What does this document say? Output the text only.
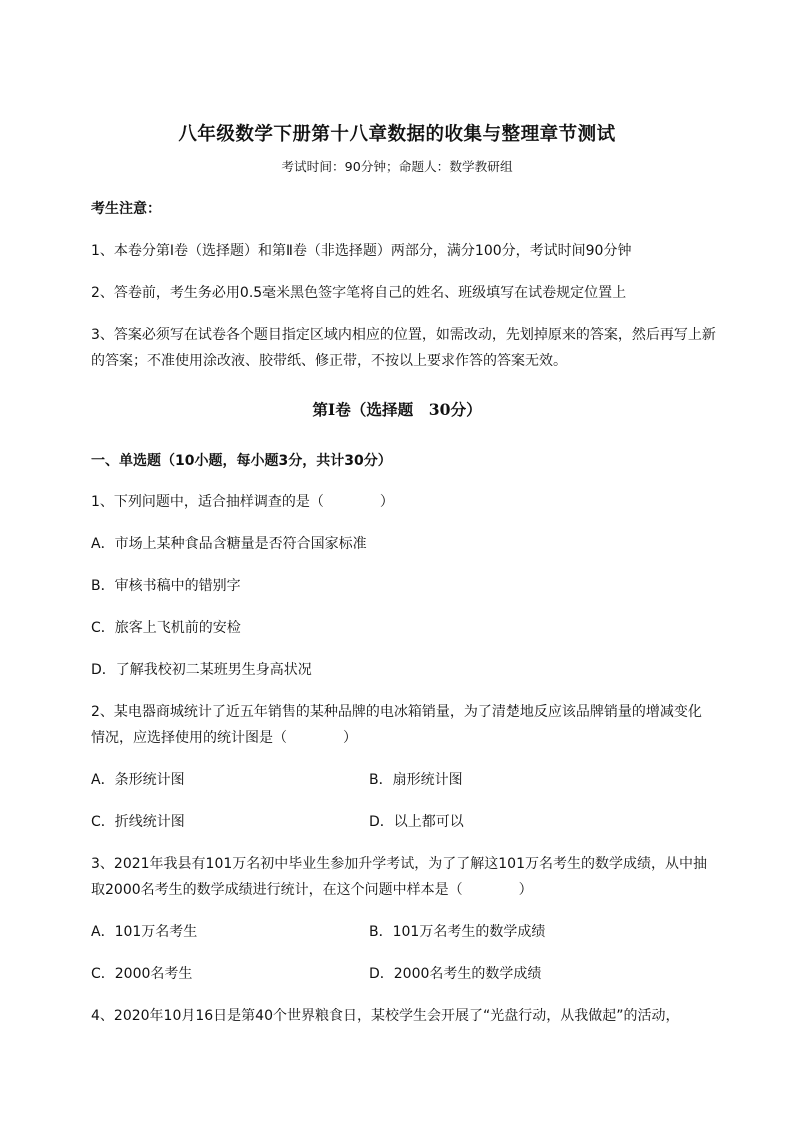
八年级数学下册第十八章数据的收集与整理章节测试
考试时间：90分钟；命题人：数学教研组
考生注意：
1、本卷分第I卷（选择题）和第Ⅱ卷（非选择题）两部分，满分100分，考试时间90分钟
2、答卷前，考生务必用0.5毫米黑色签字笔将自己的姓名、班级填写在试卷规定位置上
3、答案必须写在试卷各个题目指定区域内相应的位置，如需改动，先划掉原来的答案，然后再写上新
的答案；不准使用涂改液、胶带纸、修正带，不按以上要求作答的答案无效。
第I卷（选择题　30分）
一、单选题（10小题，每小题3分，共计30分）
1、下列问题中，适合抽样调查的是（　　　　）
A．市场上某种食品含糖量是否符合国家标准
B．审核书稿中的错别字
C．旅客上飞机前的安检
D．了解我校初二某班男生身高状况
2、某电器商城统计了近五年销售的某种品牌的电冰箱销量，为了清楚地反应该品牌销量的增减变化
情况，应选择使用的统计图是（　　　　）
A．条形统计图	B．扇形统计图
C．折线统计图	D．以上都可以
3、2021年我县有101万名初中毕业生参加升学考试，为了了解这101万名考生的数学成绩，从中抽
取2000名考生的数学成绩进行统计，在这个问题中样本是（　　　　）
A．101万名考生	B．101万名考生的数学成绩
C．2000名考生	D．2000名考生的数学成绩
4、2020年10月16日是第40个世界粮食日，某校学生会开展了“光盘行动，从我做起”的活动，
